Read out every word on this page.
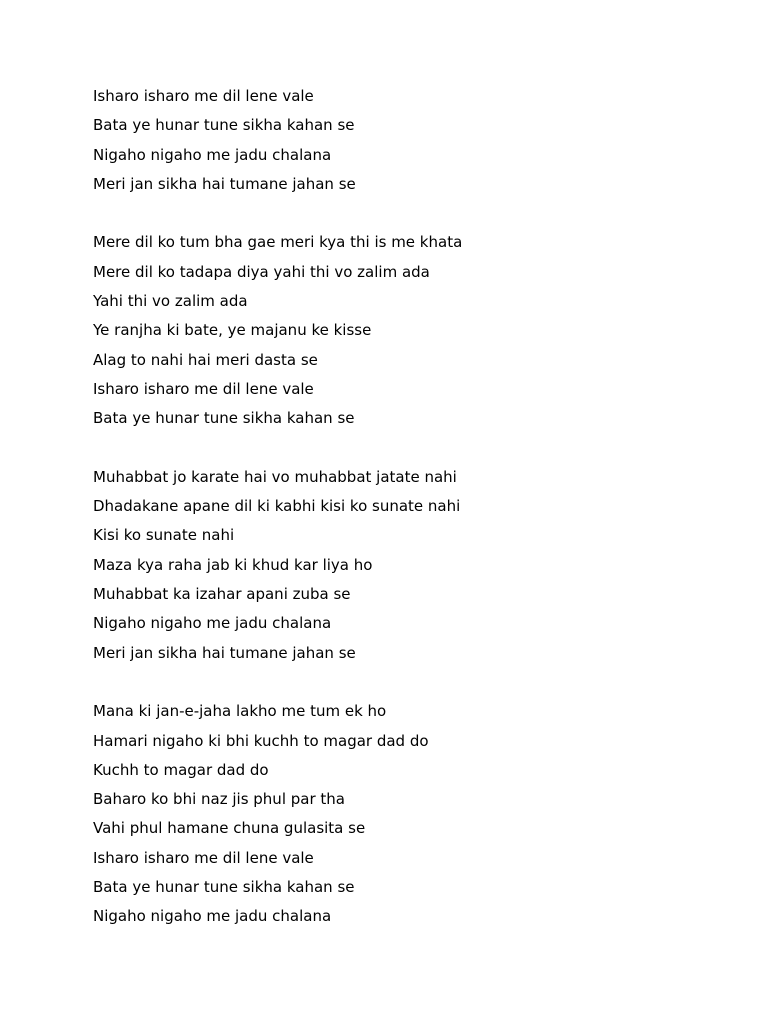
Isharo isharo me dil lene vale
Bata ye hunar tune sikha kahan se
Nigaho nigaho me jadu chalana
Meri jan sikha hai tumane jahan se
Mere dil ko tum bha gae meri kya thi is me khata
Mere dil ko tadapa diya yahi thi vo zalim ada
Yahi thi vo zalim ada
Ye ranjha ki bate, ye majanu ke kisse
Alag to nahi hai meri dasta se
Isharo isharo me dil lene vale
Bata ye hunar tune sikha kahan se
Muhabbat jo karate hai vo muhabbat jatate nahi
Dhadakane apane dil ki kabhi kisi ko sunate nahi
Kisi ko sunate nahi
Maza kya raha jab ki khud kar liya ho
Muhabbat ka izahar apani zuba se
Nigaho nigaho me jadu chalana
Meri jan sikha hai tumane jahan se
Mana ki jan-e-jaha lakho me tum ek ho
Hamari nigaho ki bhi kuchh to magar dad do
Kuchh to magar dad do
Baharo ko bhi naz jis phul par tha
Vahi phul hamane chuna gulasita se
Isharo isharo me dil lene vale
Bata ye hunar tune sikha kahan se
Nigaho nigaho me jadu chalana
